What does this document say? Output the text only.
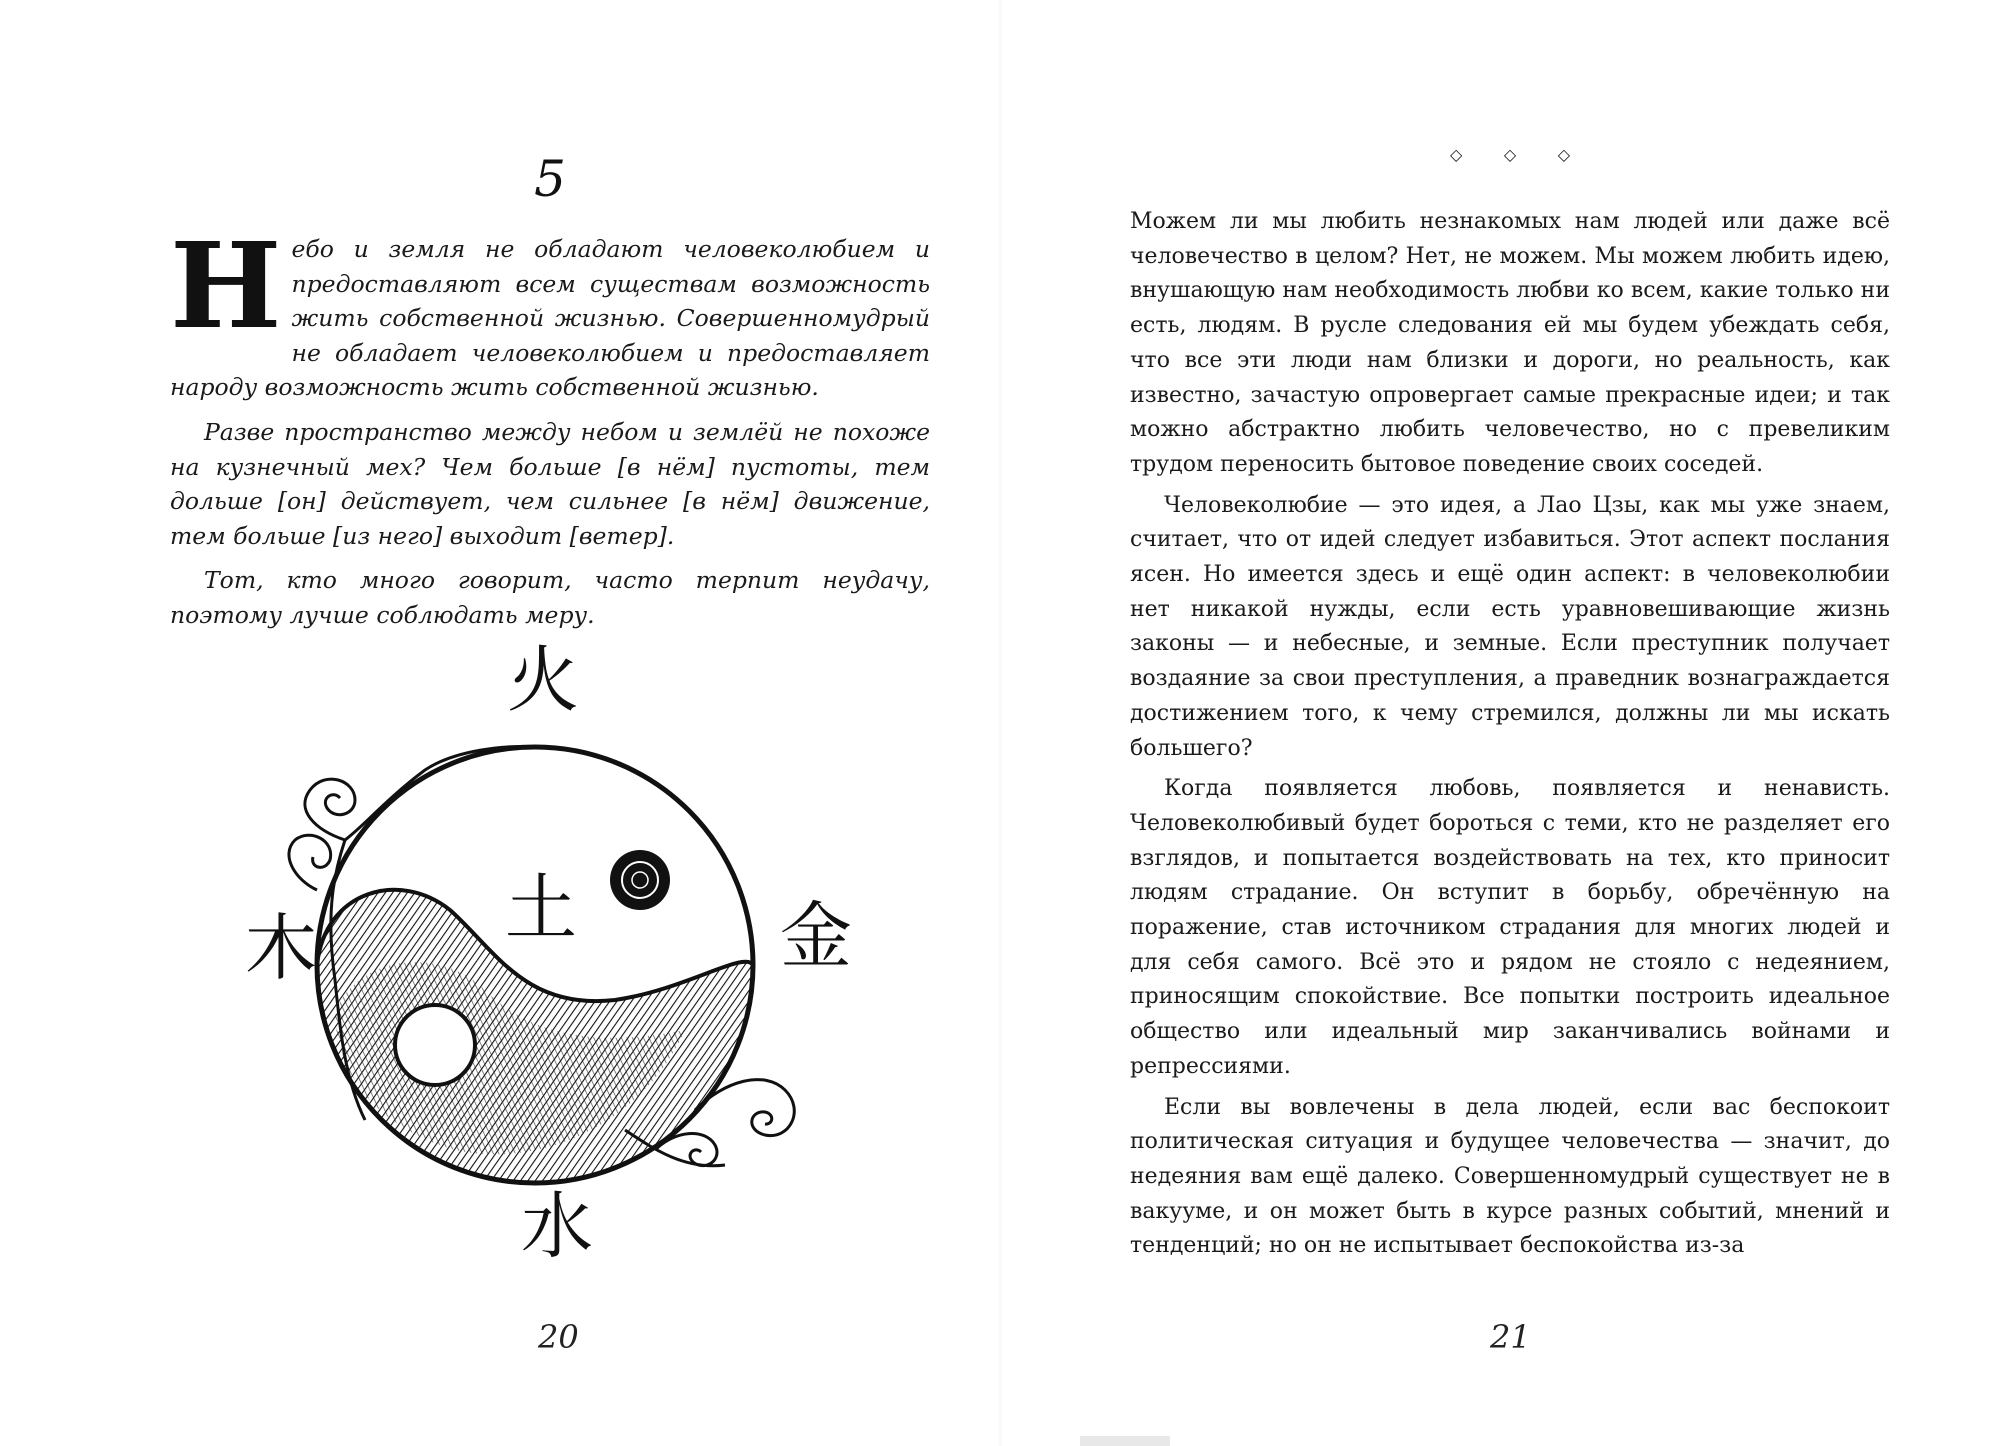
5

Небо и земля не обладают человеколюбием и предоставляют всем существам возможность жить собственной жизнью. Совершенномудрый не обладает человеколюбием и предоставляет народу возможность жить собственной жизнью.

Разве пространство между небом и землёй не похоже на кузнечный мех? Чем больше [в нём] пустоты, тем дольше [он] действует, чем сильнее [в нём] движение, тем больше [из него] выходит [ветер].

Тот, кто много говорит, часто терпит неудачу, поэтому лучше соблюдать меру.

火
土
木	金
水
20
◇	◇	◇

Можем ли мы любить незнакомых нам людей или даже всё человечество в целом? Нет, не можем. Мы можем любить идею, внушающую нам необходимость любви ко всем, какие только ни есть, людям. В русле следования ей мы будем убеждать себя, что все эти люди нам близки и дороги, но реальность, как известно, зачастую опровергает самые прекрасные идеи; и так можно абстрактно любить человечество, но с превеликим трудом переносить бытовое поведение своих соседей.

Человеколюбие — это идея, а Лао Цзы, как мы уже знаем, считает, что от идей следует избавиться. Этот аспект послания ясен. Но имеется здесь и ещё один аспект: в человеколюбии нет никакой нужды, если есть уравновешивающие жизнь законы — и небесные, и земные. Если преступник получает воздаяние за свои преступления, а праведник вознаграждается достижением того, к чему стремился, должны ли мы искать большего?

Когда появляется любовь, появляется и ненависть. Человеколюбивый будет бороться с теми, кто не разделяет его взглядов, и попытается воздействовать на тех, кто приносит людям страдание. Он вступит в борьбу, обречённую на поражение, став источником страдания для многих людей и для себя самого. Всё это и рядом не стояло с недеянием, приносящим спокойствие. Все попытки построить идеальное общество или идеальный мир заканчивались войнами и репрессиями.

Если вы вовлечены в дела людей, если вас беспокоит политическая ситуация и будущее человечества — значит, до недеяния вам ещё далеко. Совершенномудрый существует не в вакууме, и он может быть в курсе разных событий, мнений и тенденций; но он не испытывает беспокойства из-за

21
